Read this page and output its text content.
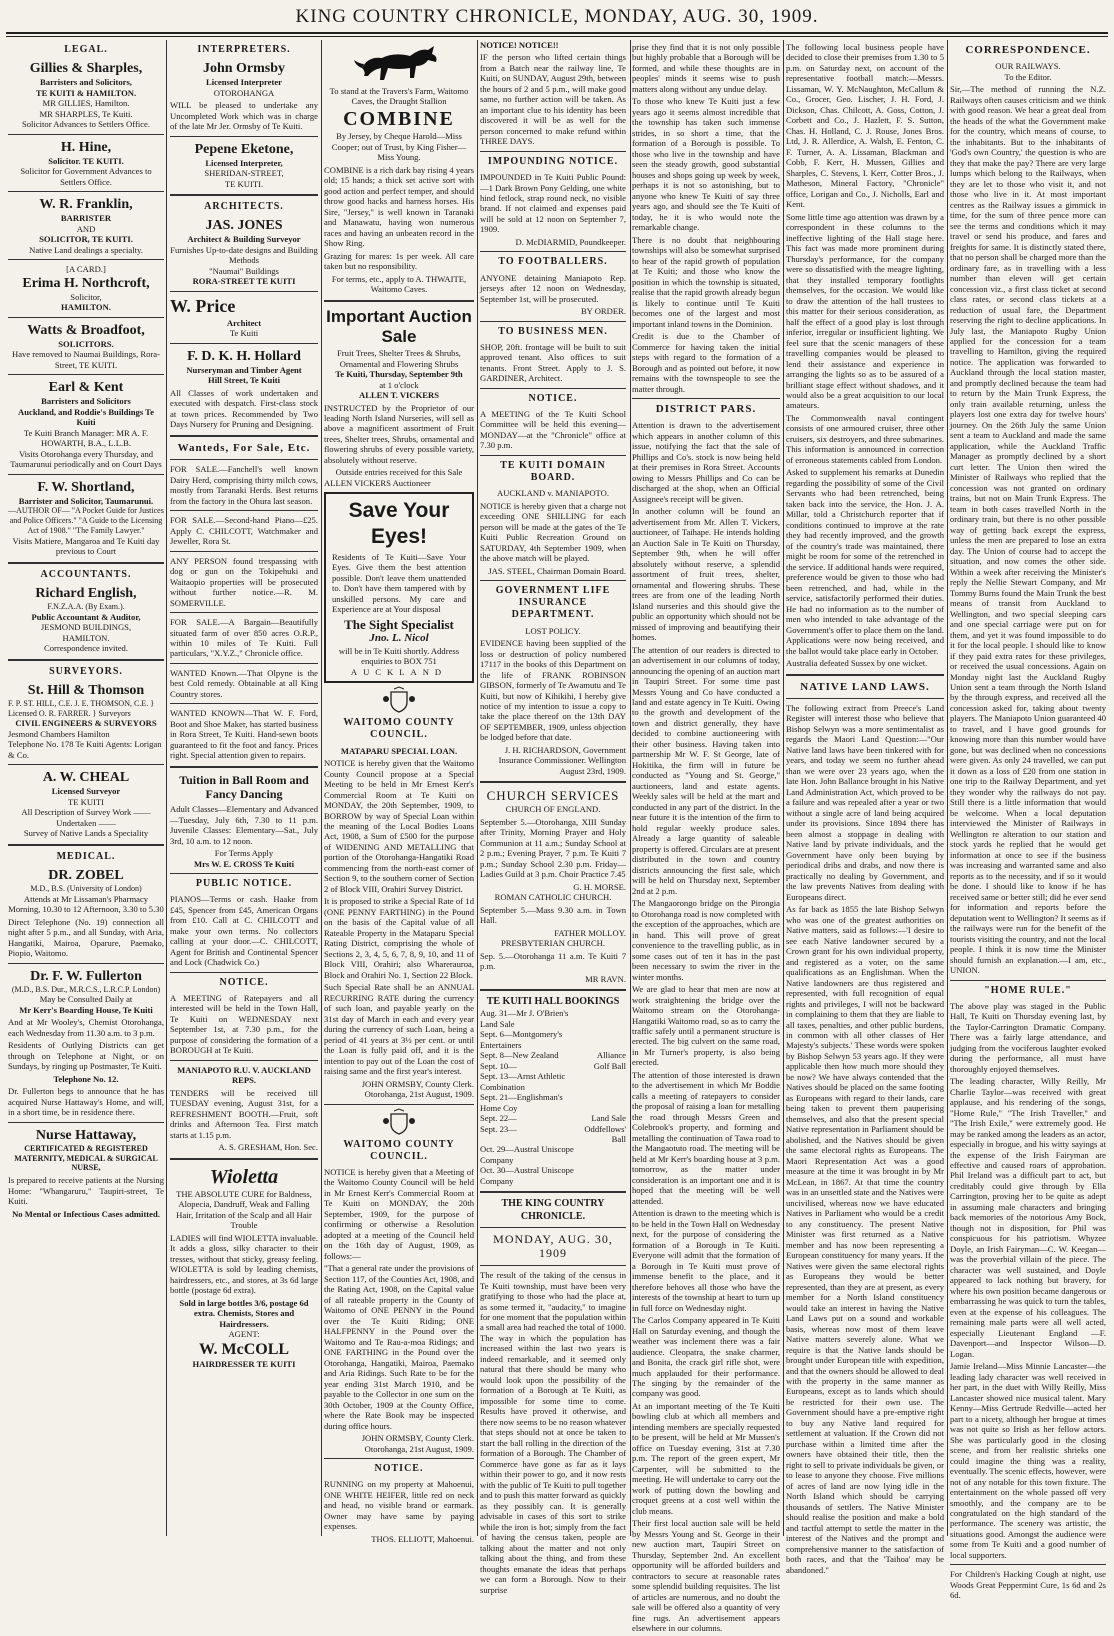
KING COUNTRY CHRONICLE, MONDAY, AUG. 30, 1909.
LEGAL.
Gillies & Sharples,
Barristers and Solicitors,
TE KUITI & HAMILTON.
MR GILLIES, Hamilton.
MR SHARPLES, Te Kuiti.
Solicitor Advances to Settlers Office.
H. Hine,
Solicitor. TE KUITI.
Solicitor for Government Advances to Settlers Office.
W. R. Franklin,
BARRISTER
AND
SOLICITOR, TE KUITI.
Native Land dealings a specialty.
[A CARD.]
Erima H. Northcroft,
Solicitor,
HAMILTON.
Watts & Broadfoot,
SOLICITORS.
Have removed to Naumai Buildings, Rora-Street, TE KUITI.
Earl & Kent
Barristers and Solicitors
Auckland, and Roddie's Buildings Te Kuiti
Te Kuiti Branch Manager: MR A. F. HOWARTH, B.A., L.L.B.
Visits Otorohanga every Thursday, and Taumarunui periodically and on Court Days
F. W. Shortland,
Barrister and Solicitor, Taumarunui.
—AUTHOR OF— "A Pocket Guide for Justices and Police Officers." "A Guide to the Licensing Act of 1908." "The Family Lawyer."
Visits Matiere, Mangaroa and Te Kuiti day previous to Court
ACCOUNTANTS.
Richard English,
F.N.Z.A.A. (By Exam.).
Public Accountant & Auditor,
JESMOND BUILDINGS,
HAMILTON.
Correspondence invited.
SURVEYORS.
St. Hill & Thomson
F. P. ST. HILL, C.E. J. E. THOMSON, C.E. } Licensed O. R. FARRER. } Surveyors
CIVIL ENGINEERS & SURVEYORS
Jesmond Chambers Hamilton
Telephone No. 178 Te Kuiti Agents: Lorigan & Co.
A. W. CHEAL
Licensed Surveyor
TE KUITI
All Description of Survey Work —— Undertaken ——
Survey of Native Lands a Speciality
MEDICAL.
DR. ZOBEL
M.D., B.S. (University of London)
Attends at Mr Lissaman's Pharmacy Morning, 10.30 to 12 Afternoon, 3.30 to 5.30

Direct Telephone (No. 19) connection all night after 5 p.m., and all Sunday, with Aria, Hangatiki, Mairoa, Oparure, Paemako, Piopio, Waitomo.

Dr. F. W. Fullerton
(M.D., B.S. Dur., M.R.C.S., L.R.C.P. London)
May be Consulted Daily at
Mr Kerr's Boarding House, Te Kuiti

And at Mr Wooley's, Chemist Otorohanga, each Wednesday from 11.30 a.m. to 3 p.m.

Residents of Outlying Districts can get through on Telephone at Night, or on Sundays, by ringing up Postmaster, Te Kuiti.

Telephone No. 12.

Dr. Fullerton begs to announce that he has acquired Nurse Hattaway's Home, and will, in a short time, be in residence there.

Nurse Hattaway,
CERTIFICATED & REGISTERED
MATERNITY, MEDICAL & SURGICAL NURSE,

Is prepared to receive patients at the Nursing Home: "Whangaruru," Taupiri-street, Te Kuiti.

No Mental or Infectious Cases admitted.
INTERPRETERS.
John Ormsby
Licensed Interpreter
OTOROHANGA

WILL be pleased to undertake any Uncompleted Work which was in charge of the late Mr Jer. Ormsby of Te Kuiti.

Pepene Eketone,
Licensed Interpreter,
SHERIDAN-STREET,
TE KUITI.
ARCHITECTS.
JAS. JONES
Architect & Building Surveyor
Furnishes Up-to-date designs and Building Methods
"Naumai" Buildings
RORA-STREET TE KUITI
W. Price
Architect
Te Kuiti
F. D. K. H. Hollard
Nurseryman and Timber Agent
Hill Street, Te Kuiti

All Classes of work undertaken and executed with despatch. First-class stock at town prices. Recommended by Two Days Nursery for Pruning and Designing.

Wanteds, For Sale, Etc.

FOR SALE.—Fanchell's well known Dairy Herd, comprising thirty milch cows, mostly from Taranaki Herds. Best returns from the factory in the Ohura last season.

FOR SALE.—Second-hand Piano—£25. Apply C. CHILCOTT, Watchmaker and Jeweller, Rora St.

ANY PERSON found trespassing with dog or gun on the Tokipehuki and Waitaopio properties will be prosecuted without further notice.—R. M. SOMERVILLE.

FOR SALE.—A Bargain—Beautifully situated farm of over 850 acres O.R.P., within 10 miles of Te Kuiti. Full particulars, "X.Y.Z.," Chronicle office.

WANTED Known.—That Olpyne is the best Cold remedy. Obtainable at all King Country stores.

WANTED KNOWN—That W. F. Ford, Boot and Shoe Maker, has started business in Rora Street, Te Kuiti. Hand-sewn boots guaranteed to fit the foot and fancy. Prices right. Special attention given to repairs.

Tuition in Ball Room and Fancy Dancing

Adult Classes—Elementary and Advanced—Tuesday, July 6th, 7.30 to 11 p.m. Juvenile Classes: Elementary—Sat., July 3rd, 10 a.m. to 12 noon.

For Terms Apply
Mrs W. E. CROSS Te Kuiti
PUBLIC NOTICE.

PIANOS—Terms or cash. Haake from £45, Spencer from £45, American Organs from £10. Call at C. CHILCOTT and make your own terms. No collectors calling at your door.—C. CHILCOTT, Agent for British and Continental Spencer and Lock (Chadwick Co.)

NOTICE.

A MEETING of Ratepayers and all interested will be held in the Town Hall, Te Kuiti on WEDNESDAY next September 1st, at 7.30 p.m., for the purpose of considering the formation of a BOROUGH at Te Kuiti.

MANIAPOTO R.U. V. AUCKLAND REPS.

TENDERS will be received till TUESDAY evening, August 31st, for a REFRESHMENT BOOTH.—Fruit, soft drinks and Afternoon Tea. First match starts at 1.15 p.m.

A. S. GRESHAM, Hon. Sec.
Wioletta
THE ABSOLUTE CURE for Baldness, Alopecia, Dandruff, Weak and Falling Hair, Irritation of the Scalp and all Hair Trouble

LADIES will find WIOLETTA invaluable. It adds a gloss, silky character to their tresses, without that sticky, greasy feeling. WIOLETTA is sold by leading chemists, hairdressers, etc., and stores, at 3s 6d large bottle (postage 6d extra).

Sold in large bottles 3/6, postage 6d extra. Chemists, Stores and Hairdressers.
AGENT:
W. McCOLL
HAIRDRESSER TE KUITI
To stand at the Travers's Farm, Waitomo Caves, the Draught Stallion
COMBINE
By Jersey, by Cheque Harold—Miss Cooper; out of Trust, by King Fisher—Miss Young.

COMBINE is a rich dark bay rising 4 years old; 15 hands; a thick set active sort with good action and perfect temper, and should throw good hacks and harness horses. His Sire, "Jersey," is well known in Taranaki and Manawatu, having won numerous races and having an unbeaten record in the Show Ring.

Grazing for mares: 1s per week. All care taken but no responsibility.

For terms, etc., apply to A. THWAITE, Waitomo Caves.
Important Auction Sale
Fruit Trees, Shelter Trees & Shrubs, Ornamental and Flowering Shrubs
Te Kuiti, Thursday, September 9th
at 1 o'clock
ALLEN T. VICKERS

INSTRUCTED by the Proprietor of our leading North Island Nurseries, will sell as above a magnificent assortment of Fruit trees, Shelter trees, Shrubs, ornamental and flowering shrubs of every possible variety, absolutely without reserve.

Outside entries received for this Sale
ALLEN VICKERS Auctioneer
Save Your Eyes!

Residents of Te Kuiti—Save Your Eyes. Give them the best attention possible. Don't leave them unattended to. Don't have them tampered with by unskilled persons. My care and Experience are at Your disposal

The Sight Specialist
Jno. L. Nicol
will be in Te Kuiti shortly. Address enquiries to BOX 751
AUCKLAND
WAITOMO COUNTY COUNCIL.
MATAPARU SPECIAL LOAN.

NOTICE is hereby given that the Waitomo County Council propose at a Special Meeting to be held in Mr Ernest Kerr's Commercial Room at Te Kuiti on MONDAY, the 20th September, 1909, to BORROW by way of Special Loan within the meaning of the Local Bodies Loans Act, 1908, a Sum of £500 for the purpose of WIDENING AND METALLING that portion of the Otorohanga-Hangatiki Road commencing from the north-east corner of Section 9, to the southern corner of Section 2 of Block VIII, Orahiri Survey District.

It is proposed to strike a Special Rate of 1d (ONE PENNY FARTHING) in the Pound on the basis of the Capital value of all Rateable Property in the Mataparu Special Rating District, comprising the whole of Sections 2, 3, 4, 5, 6, 7, 8, 9, 10, and 11 of Block VIII, Orahiri; also Wharerauroa, Block and Orahiri No. 1, Section 22 Block.

Such Special Rate shall be an ANNUAL RECURRING RATE during the currency of such loan, and payable yearly on the 31st day of March in each and every year during the currency of such Loan, being a period of 41 years at 3½ per cent. or until the Loan is fully paid off, and it is the intention to pay out of the Loan the cost of raising same and the first year's interest.

JOHN ORMSBY, County Clerk. Otorohanga, 21st August, 1909.
WAITOMO COUNTY COUNCIL.

NOTICE is hereby given that a Meeting of the Waitomo County Council will be held in Mr Ernest Kerr's Commercial Room at Te Kuiti on MONDAY, the 20th September, 1909, for the purpose of confirming or otherwise a Resolution adopted at a meeting of the Council held on the 16th day of August, 1909, as follows:—

"That a general rate under the provisions of Section 117, of the Counties Act, 1908, and the Rating Act, 1908, on the Capital value of all rateable property in the County of Waitomo of ONE PENNY in the Pound over the Te Kuiti Riding; ONE HALFPENNY in the Pound over the Waitomo and Te Rau-a-moa Ridings; and ONE FARTHING in the Pound over the Otorohanga, Hangatiki, Mairoa, Paemako and Aria Ridings. Such Rate to be for the year ending 31st March 1910, and be payable to the Collector in one sum on the 30th October, 1909 at the County Office, where the Rate Book may be inspected during office hours.

JOHN ORMSBY, County Clerk. Otorohanga, 21st August, 1909.
NOTICE.

RUNNING on my property at Mahoenui, ONE WHITE HEIFER, little red on neck and head, no visible brand or earmark. Owner may have same by paying expenses.

THOS. ELLIOTT, Mahoenui.
NOTICE! NOTICE!!

IF the person who lifted certain things from a Batch near the railway line, Te Kuiti, on SUNDAY, August 29th, between the hours of 2 and 5 p.m., will make good same, no further action will be taken. As an important clue to his identity has been discovered it will be as well for the person concerned to make refund within THREE DAYS.

IMPOUNDING NOTICE.

IMPOUNDED in Te Kuiti Public Pound:—1 Dark Brown Pony Gelding, one white hind fetlock, strap round neck, no visible brand. If not claimed and expenses paid will be sold at 12 noon on September 7, 1909.

D. McDIARMID, Poundkeeper.
TO FOOTBALLERS.

ANYONE detaining Maniapoto Rep. jerseys after 12 noon on Wednesday, September 1st, will be prosecuted.

BY ORDER.
TO BUSINESS MEN.

SHOP, 20ft. frontage will be built to suit approved tenant. Also offices to suit tenants. Front Street. Apply to J. S. GARDINER, Architect.

NOTICE.

A MEETING of the Te Kuiti School Committee will be held this evening—MONDAY—at the "Chronicle" office at 7.30 p.m.

TE KUITI DOMAIN BOARD.
AUCKLAND v. MANIAPOTO.

NOTICE is hereby given that a charge not exceeding ONE SHILLING for each person will be made at the gates of the Te Kuiti Public Recreation Ground on SATURDAY, 4th September 1909, when the above match will be played.

JAS. STEEL, Chairman Domain Board.
GOVERNMENT LIFE INSURANCE DEPARTMENT.
LOST POLICY.

EVIDENCE having been supplied of the loss or destruction of policy numbered 17117 in the books of this Department on the life of FRANK ROBINSON GIBSON, formerly of Te Awamutu and Te Kuiti, but now of Kihikihi, I hereby give notice of my intention to issue a copy to take the place thereof on the 13th DAY OF SEPTEMBER, 1909, unless objection be lodged before that date.

J. H. RICHARDSON, Government Insurance Commissioner. Wellington August 23rd, 1909.
CHURCH SERVICES
CHURCH OF ENGLAND.

September 5.—Otorohanga, XIII Sunday after Trinity, Morning Prayer and Holy Communion at 11 a.m.; Sunday School at 2 p.m.; Evening Prayer, 7 p.m. Te Kuiti 7 p.m.; Sunday School 2.30 p.m. Friday—Ladies Guild at 3 p.m. Choir Practice 7.45

G. H. MORSE.
ROMAN CATHOLIC CHURCH.

September 5.—Mass 9.30 a.m. in Town Hall.

FATHER MOLLOY.
PRESBYTERIAN CHURCH.

Sep. 5.—Otorohanga 11 a.m. Te Kuiti 7 p.m.

MR RAVN.
TE KUITI HALL BOOKINGS
Aug. 31—Mr J. O'Brien's Land Sale	
Sept. 6—Montgomery's Entertainers	
Sept. 8—New Zealand	Alliance
Sept. 10—	Golf Ball
Sept. 13—Arnst Athletic Combination	
Sept. 21—Englishman's Home Coy	
Sept. 22—	Land Sale
Sept. 23—	Oddfellows' Ball
Oct. 29—Austral Uniscope Company	
Oct. 30—Austral Uniscope Company	
THE KING COUNTRY CHRONICLE.
MONDAY, AUG. 30, 1909

The result of the taking of the census in Te Kuiti township, must have been very gratifying to those who had the place at, as some termed it, "audacity," to imagine for one moment that the population within a small area had reached the total of 1000. The way in which the population has increased within the last two years is indeed remarkable, and it seemed only natural that there should be many who would look upon the possibility of the formation of a Borough at Te Kuiti, as impossible for some time to come. Results have proved it otherwise, and there now seems to be no reason whatever that steps should not at once be taken to start the ball rolling in the direction of the formation of a Borough. The Chamber of Commerce have gone as far as it lays within their power to go, and it now rests with the public of Te Kuiti to pull together and to push this matter forward as quickly as they possibly can. It is generally advisable in cases of this sort to strike while the iron is hot; simply from the fact of having the census taken, people are talking about the matter and not only talking about the thing, and from these thoughts emanate the ideas that perhaps we can form a Borough. Now to their surprise

prise they find that it is not only possible but highly probable that a Borough will be formed, and while these thoughts are in peoples' minds it seems wise to push matters along without any undue delay.

To those who knew Te Kuiti just a few years ago it seems almost incredible that the township has taken such immense strides, in so short a time, that the formation of a Borough is possible. To those who live in the township and have seen the steady growth, good substantial houses and shops going up week by week, perhaps it is not so astonishing, but to anyone who knew Te Kuiti of say three years ago, and should see the Te Kuiti of today, he it is who would note the remarkable change.

There is no doubt that neighbouring townships will also be somewhat surprised to hear of the rapid growth of population at Te Kuiti; and those who know the position in which the township is situated, realise that the rapid growth already begun is likely to continue until Te Kuiti becomes one of the largest and most important inland towns in the Dominion.

Credit is due to the Chamber of Commerce for having taken the initial steps with regard to the formation of a Borough and as pointed out before, it now remains with the townspeople to see the matter through.

DISTRICT PARS.

Attention is drawn to the advertisement which appears in another column of this issue, notifying the fact that the sale of Phillips and Co's. stock is now being held at their premises in Rora Street. Accounts owing to Messrs Phillips and Co can be discharged at the shop, when an Official Assignee's receipt will be given.

In another column will be found an advertisement from Mr. Allen T. Vickers, auctioneer, of Taihape. He intends holding an Auction Sale in Te Kuiti on Thursday, September 9th, when he will offer absolutely without reserve, a splendid assortment of fruit trees, shelter, ornamental and flowering shrubs. These trees are from one of the leading North Island nurseries and this should give the public an opportunity which should not be missed of improving and beautifying their homes.

The attention of our readers is directed to an advertisement in our columns of today, announcing the opening of an auction mart in Taupiri Street. For some time past Messrs Young and Co have conducted a land and estate agency in Te Kuiti. Owing to the growth and development of the town and district generally, they have decided to combine auctioneering with their other business. Having taken into partnership Mr W. F. St George, late of Hokitika, the firm will in future be conducted as "Young and St. George," auctioneers, land and estate agents. Weekly sales will be held at the mart and conducted in any part of the district. In the near future it is the intention of the firm to hold regular weekly produce sales. Already a large quantity of saleable property is offered. Circulars are at present distributed in the town and country districts announcing the first sale, which will be held on Thursday next, September 2nd at 2 p.m.

The Mangaorongo bridge on the Pirongia to Otorohanga road is now completed with the exception of the approaches, which are in hand. This will prove of great convenience to the travelling public, as in some cases out of ten it has in the past been necessary to swim the river in the winter months.

We are glad to hear that men are now at work straightening the bridge over the Waitomo stream on the Otorohanga-Hangatiki Waitomo road, so as to carry the traffic safely until a permanent structure is erected. The big culvert on the same road, in Mr Turner's property, is also being erected.

The attention of those interested is drawn to the advertisement in which Mr Boddie calls a meeting of ratepayers to consider the proposal of raising a loan for metalling the road through Messrs Green and Colebrook's property, and forming and metalling the continuation of Tawa road to the Mangaotuto road. The meeting will be held at Mr Kerr's boarding house at 3 p.m. tomorrow, as the matter under consideration is an important one and it is hoped that the meeting will be well attended.

Attention is drawn to the meeting which is to be held in the Town Hall on Wednesday next, for the purpose of considering the formation of a Borough in Te Kuiti. Everyone will admit that the formation of a Borough in Te Kuiti must prove of immense benefit to the place, and it therefore behoves all those who have the interests of the township at heart to turn up in full force on Wednesday night.

The Carlos Company appeared in Te Kuiti Hall on Saturday evening, and though the weather was inclement there was a fair audience. Cleopatra, the snake charmer, and Bonita, the crack girl rifle shot, were much applauded for their performance. The singing by the remainder of the company was good.

At an important meeting of the Te Kuiti bowling club at which all members and intending members are specially requested to be present, will be held at Mr Mussen's office on Tuesday evening, 31st at 7.30 p.m. The report of the green expert, Mr Carpenter, will be submitted to the meeting. He will undertake to carry out the work of putting down the bowling and croquet greens at a cost well within the club means.

Their first local auction sale will be held by Messrs Young and St. George in their new auction mart, Taupiri Street on Thursday, September 2nd. An excellent opportunity will be afforded builders and contractors to secure at reasonable rates some splendid building requisites. The list of articles are numerous, and no doubt the sale will be offered also a quantity of very fine rugs. An advertisement appears elsewhere in our columns.

The following local business people have decided to close their premises from 1.30 to 5 p.m. on Saturday next, on account of the representative football match:—Messrs. Lissaman, W. Y. McNaughton, McCallum & Co., Grocer, Geo. Lischer, J. H. Ford, J. Dickson, Chas. Chilcott, A. Goss, Cotton, J. Corbett and Co., J. Hazlett, F. S. Sutton, Chas. H. Holland, C. J. Rouse, Jones Bros. Ltd, J. R. Allerdice, A. Walsh, E. Fenton, C. F. Turner, A. A. Lissaman, Blackman and Cobb, F. Kerr, H. Mussen, Gillies and Sharples, C. Stevens, I. Kerr, Cotter Bros., J. Matheson, Mineral Factory, "Chronicle" office, Lorigan and Co., J. Nicholls, Earl and Kent.

Some little time ago attention was drawn by a correspondent in these columns to the ineffective lighting of the Hall stage here. This fact was made more prominent during Thursday's performance, for the company were so dissatisfied with the meagre lighting, that they installed temporary footlights themselves, for the occasion. We would like to draw the attention of the hall trustees to this matter for their serious consideration, as half the effect of a good play is lost through inferior, irregular or insufficient lighting. We feel sure that the scenic managers of these travelling companies would be pleased to lend their assistance and experience in arranging the lights so as to be assured of a brilliant stage effect without shadows, and it would also be a great acquisition to our local amateurs.

The Commonwealth naval contingent consists of one armoured cruiser, three other cruisers, six destroyers, and three submarines. This information is announced in correction of erroneous statements cabled from London.

Asked to supplement his remarks at Dunedin regarding the possibility of some of the Civil Servants who had been retrenched, being taken back into the service, the Hon. J. A. Millar, told a Christchurch reporter that if conditions continued to improve at the rate they had recently improved, and the growth of the country's trade was maintained, there might be room for some of the retrenched in the service. If additional hands were required, preference would be given to those who had been retrenched, and had, while in the service, satisfactorily performed their duties. He had no information as to the number of men who intended to take advantage of the Government's offer to place them on the land. Applications were now being received, and the ballot would take place early in October.

Australia defeated Sussex by one wicket.

NATIVE LAND LAWS.

The following extract from Preece's Land Register will interest those who believe that Bishop Selwyn was a more sentimentalist as regards the Maori Land Question:—"Our Native land laws have been tinkered with for years, and today we seem no further ahead than we were over 23 years ago, when the late Hon. John Ballance brought in his Native Land Administration Act, which proved to be a failure and was repealed after a year or two without a single acre of land being acquired under its provisions. Since 1894 there has been almost a stoppage in dealing with Native land by private individuals, and the Government have only been buying by periodical dribs and drabs, and now there is practically no dealing by Government, and the law prevents Natives from dealing with Europeans direct.

As far back as 1855 the late Bishop Selwyn who was one of the greatest authorities on Native matters, said as follows:—'I desire to see each Native landowner secured by a Crown grant for his own individual property, and registered as a voter, on the same qualifications as an Englishman. When the Native landowners are thus registered and represented, with full recognition of equal rights and privileges, I will not be backward in complaining to them that they are liable to all taxes, penalties, and other public burdens, in common with all other classes of Her Majesty's subjects.' These words were spoken by Bishop Selwyn 53 years ago. If they were applicable then how much more should they be now? We have always contended that the Natives should be placed on the same footing as Europeans with regard to their lands, care being taken to prevent them pauperising themselves, and also that the present special Native representation in Parliament should be abolished, and the Natives should be given the same electoral rights as Europeans. The Maori Representation Act was a good measure at the time it was brought in by Mr McLean, in 1867. At that time the country was in an unsettled state and the Natives were uncivilised, whereas now we have educated Natives in Parliament who would be a credit to any constituency. The present Native Minister was first returned as a Native member and has now been representing a European constituency for many years. If the Natives were given the same electoral rights as Europeans they would be better represented, than they are at present, as every member for a North Island constituency would take an interest in having the Native Land Laws put on a sound and workable basis, whereas now most of them leave Native matters severely alone. What we require is that the Native lands should be brought under European title with expedition, and that the owners should be allowed to deal with the property in the same manner as Europeans, except as to lands which should be restricted for their own use. The Government should have a pre-emptive right to buy any Native land required for settlement at valuation. If the Crown did not purchase within a limited time after the owners have obtained their title, then the right to sell to private individuals be given, or to lease to anyone they choose. Five millions of acres of land are now lying idle in the North Island which should be carrying thousands of settlers. The Native Minister should realise the position and make a bold and tactful attempt to settle the matter in the interest of the Natives and the prompt and comprehensive manner to the satisfaction of both races, and that the 'Taihoa' may be abandoned."

CORRESPONDENCE.
OUR RAILWAYS.
To the Editor.

Sir,—The method of running the N.Z. Railways often causes criticism and we think with good reason. We hear a great deal from the heads of the what the Government make for the country, which means of course, to the inhabitants. But to the inhabitants of 'God's own Country,' the question is who are they that make the pay? There are very large lumps which belong to the Railways, when they are let to those who visit it, and not those who live in it. At most important centres as the Railway issues a gimmick in time, for the sum of three pence more can see the terms and conditions which it may travel or send his produce, and fares and freights for same. It is distinctly stated there, that no person shall be charged more than the ordinary fare, as in travelling with a less number than eleven will get certain concession viz., a first class ticket at second class rates, or second class tickets at a reduction of usual fare, the Department reserving the right to decline applications. In July last, the Maniapoto Rugby Union applied for the concession for a team travelling to Hamilton, giving the required notice. The application was forwarded to Auckland through the local station master, and promptly declined because the team had to return by the Main Trunk Express, the only train available returning, unless the players lost one extra day for twelve hours' journey. On the 26th July the same Union sent a team to Auckland and made the same application, while the Auckland Traffic Manager as promptly declined by a short curt letter. The Union then wired the Minister of Railways who replied that the concession was not granted on ordinary trains, but not on Main Trunk Express. The team in both cases travelled North in the ordinary train, but there is no other possible way of getting back except the express, unless the men are prepared to lose an extra day. The Union of course had to accept the situation, and now comes the other side. Within a week after receiving the Minister's reply the Nellie Stewart Company, and Mr Tommy Burns found the Main Trunk the best means of transit from Auckland to Wellington, and two special sleeping cars and one special carriage were put on for them, and yet it was found impossible to do it for the local people. I should like to know if they paid extra rates for these privileges, or received the usual concessions. Again on Monday night last the Auckland Rugby Union sent a team through the North Island by the through express, and received all the concession asked for, taking about twenty players. The Maniapoto Union guaranteed 40 to travel, and I have good grounds for knowing more than this number would have gone, but was declined when no concessions were given. As only 24 travelled, we can put it down as a loss of £20 from one station in one trip to the Railway Department, and yet they wonder why the railways do not pay. Still there is a little information that would be welcome. When a local deputation interviewed the Minister of Railways in Wellington re alteration to our station and stock yards he replied that he would get information at once to see if the business was increasing and warranted same and also reports as to the necessity, and if so it would be done. I should like to know if he has received same or better still; did he ever send for information and reports before the deputation went to Wellington? It seems as if the railways were run for the benefit of the tourists visiting the country, and not the local people. I think it is now time the Minister should furnish an explanation.—I am, etc., UNION.

"HOME RULE."

The above play was staged in the Public Hall, Te Kuiti on Thursday evening last, by the Taylor-Carrington Dramatic Company. There was a fairly large attendance, and judging from the vociferous laughter evoked during the performance, all must have thoroughly enjoyed themselves.

The leading character, Willy Reilly, Mr Charlie Taylor—was received with great applause, and his rendering of the songs, "Home Rule," "The Irish Traveller," and "The Irish Exile," were extremely good. He may be ranked among the leaders as an actor, especially in brogue, and his witty sayings at the expense of the Irish Fairyman are effective and caused roars of approbation. Phil Ireland was a difficult part to act, but creditably could give through by Ella Carrington, proving her to be quite as adept in assuming male characters and bringing back memories of the notorious Amy Bock, though not in disposition, for Phil was conspicuous for his patriotism. Whyzee Doyle, an Irish Fairyman—C. W. Keegan—was the proverbial villain of the piece. The character was well sustained, and Doyle appeared to lack nothing but bravery, for where his own position became dangerous or embarrassing he was quick to turn the tables, even at the expense of his colleagues. The remaining male parts were all well acted, especially Lieutenant England —F. Davenport—and Inspector Wilson—D. Logan.

Jamie Ireland—Miss Minnie Lancaster—the leading lady character was well received in her part, in the duet with Willy Reilly, Miss Lancaster showed nice musical talent. Mary Kenny—Miss Gertrude Redville—acted her part to a nicety, although her brogue at times was not quite so Irish as her fellow actors. She was particularly good in the closing scene, and from her realistic shrieks one could imagine the thing was a reality, eventually. The scenic effects, however, were not of any notable for this town fixture. The entertainment on the whole passed off very smoothly, and the company are to be congratulated on the high standard of the performance. The scenery was artistic, the situations good. Amongst the audience were some from Te Kuiti and a good number of local supporters.

For Children's Hacking Cough at night, use Woods Great Peppermint Cure, 1s 6d and 2s 6d.
